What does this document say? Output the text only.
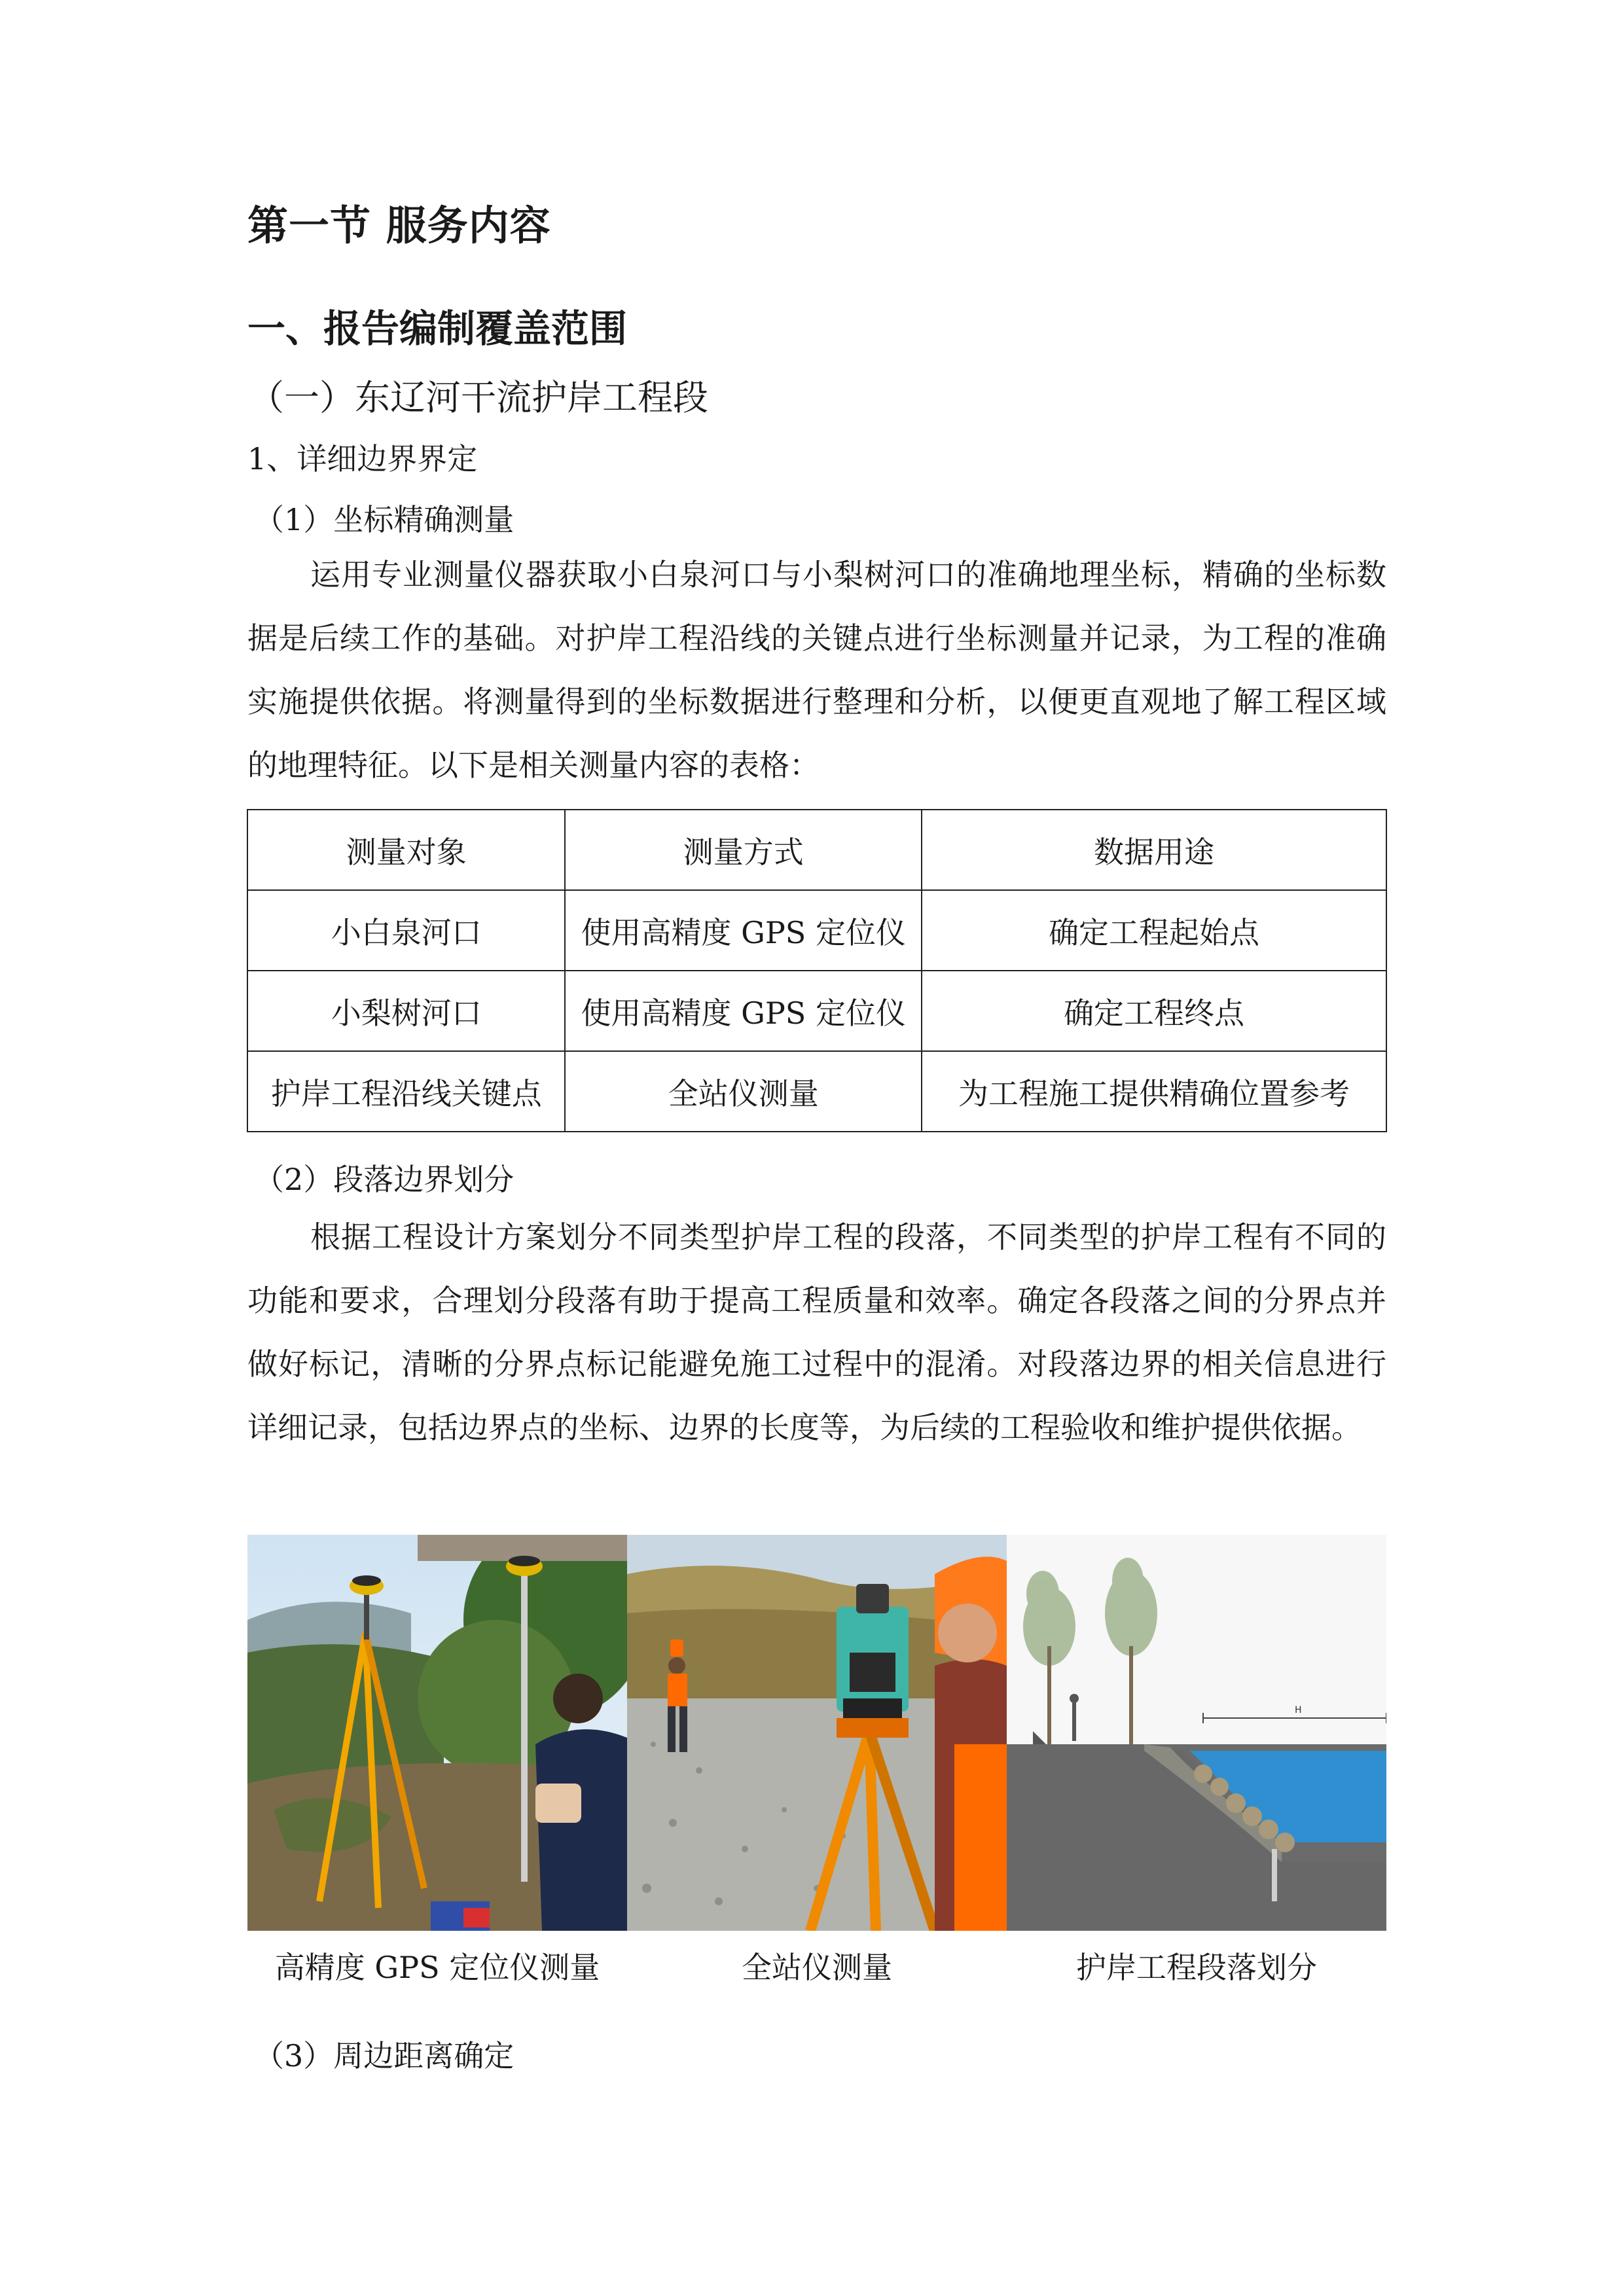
第一节 服务内容
一、报告编制覆盖范围
（一）东辽河干流护岸工程段
1、详细边界界定
（1）坐标精确测量

运用专业测量仪器获取小白泉河口与小梨树河口的准确地理坐标，精确的坐标数据是后续工作的基础。对护岸工程沿线的关键点进行坐标测量并记录，为工程的准确实施提供依据。将测量得到的坐标数据进行整理和分析，以便更直观地了解工程区域的地理特征。以下是相关测量内容的表格：

测量对象	测量方式	数据用途
小白泉河口	使用高精度 GPS 定位仪	确定工程起始点
小梨树河口	使用高精度 GPS 定位仪	确定工程终点
护岸工程沿线关键点	全站仪测量	为工程施工提供精确位置参考
（2）段落边界划分

根据工程设计方案划分不同类型护岸工程的段落，不同类型的护岸工程有不同的功能和要求，合理划分段落有助于提高工程质量和效率。确定各段落之间的分界点并做好标记，清晰的分界点标记能避免施工过程中的混淆。对段落边界的相关信息进行详细记录，包括边界点的坐标、边界的长度等，为后续的工程验收和维护提供依据。

H
高精度 GPS 定位仪测量	全站仪测量	护岸工程段落划分
（3）周边距离确定
